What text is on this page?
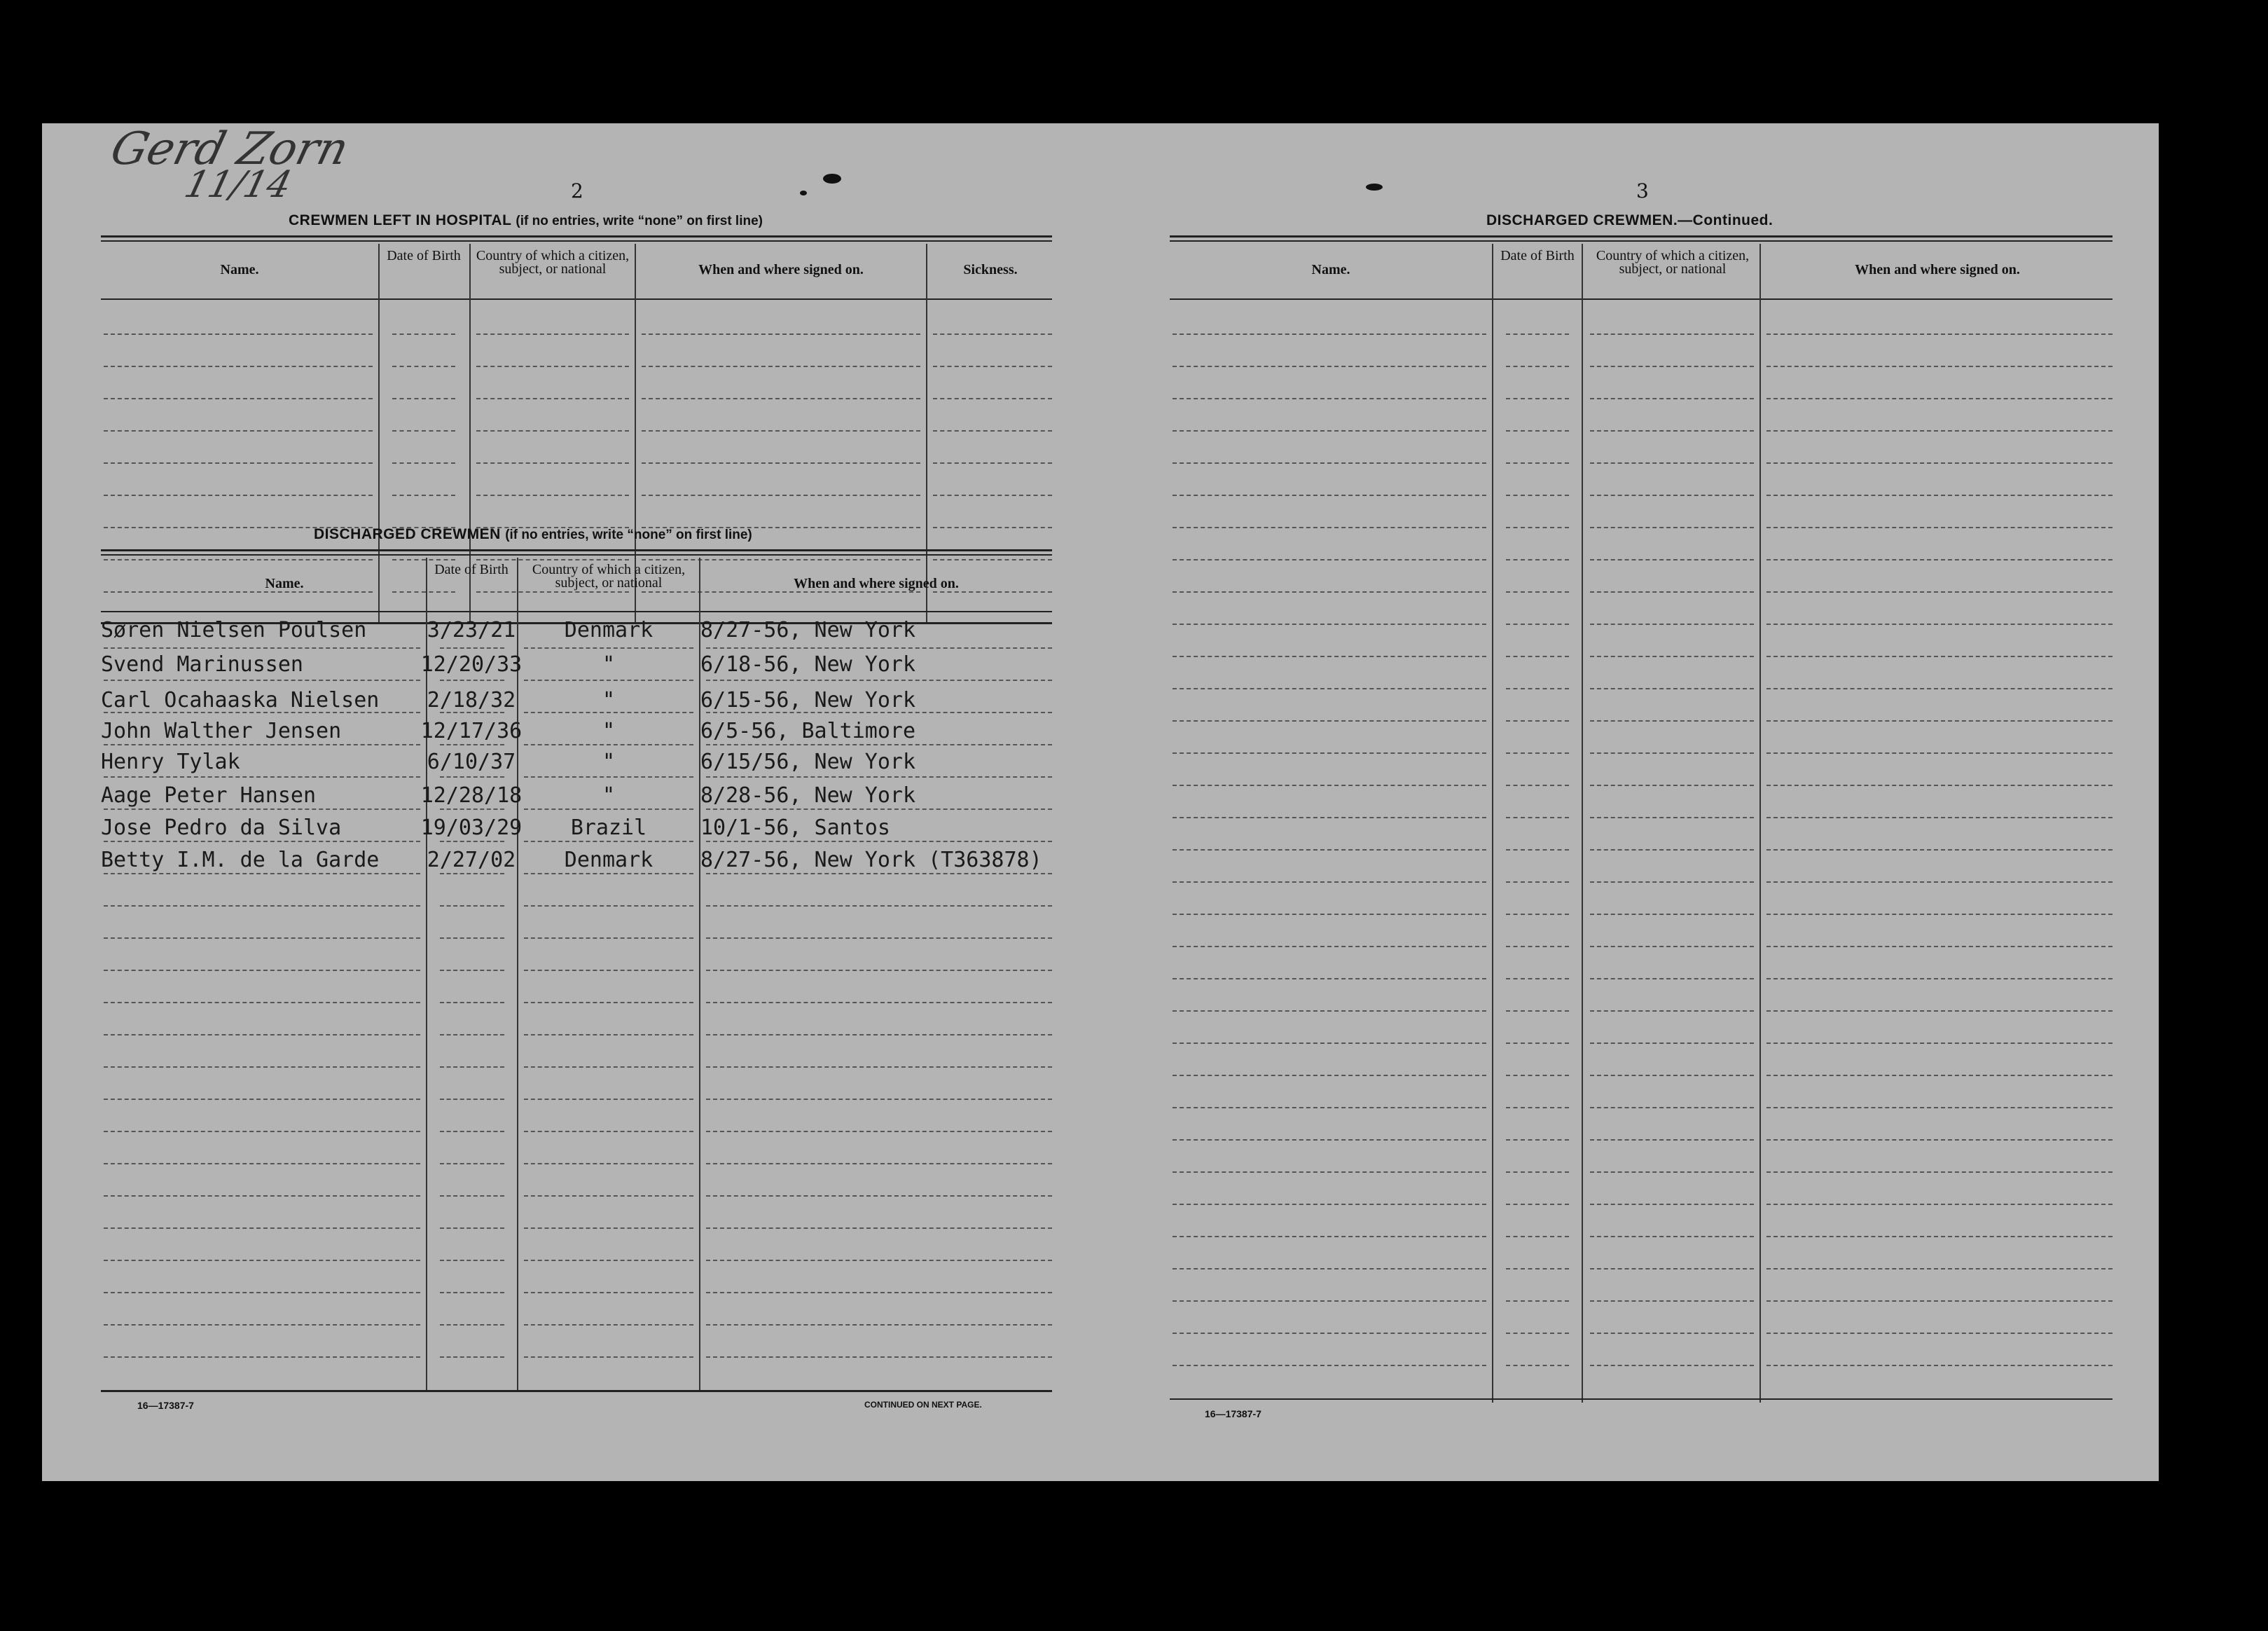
Gerd Zorn
11/14	2
CREWMEN LEFT IN HOSPITAL (if no entries, write “none” on first line)
Name.
Date of Birth	Country of which a citizen, subject, or national	When and where signed on.	Sickness.
DISCHARGED CREWMEN (if no entries, write “none” on first line)
Name.
Date of Birth	Country of which a citizen, subject, or national	When and where signed on.
Søren Nielsen Poulsen	3/23/21	Denmark	8/27-56, New York
Svend Marinussen	12/20/33	"	6/18-56, New York
Carl Ocahaaska Nielsen	2/18/32	"	6/15-56, New York
John Walther Jensen	12/17/36	"	6/5-56, Baltimore
Henry Tylak	6/10/37	"	6/15/56, New York
Aage Peter Hansen	12/28/18	"	8/28-56, New York
Jose Pedro da Silva	19/03/29	Brazil	10/1-56, Santos
Betty I.M. de la Garde	2/27/02	Denmark	8/27-56, New York (T363878)
16—17387-7	CONTINUED ON NEXT PAGE.
3
DISCHARGED CREWMEN.—Continued.
Name.
Date of Birth	Country of which a citizen, subject, or national	When and where signed on.
16—17387-7
